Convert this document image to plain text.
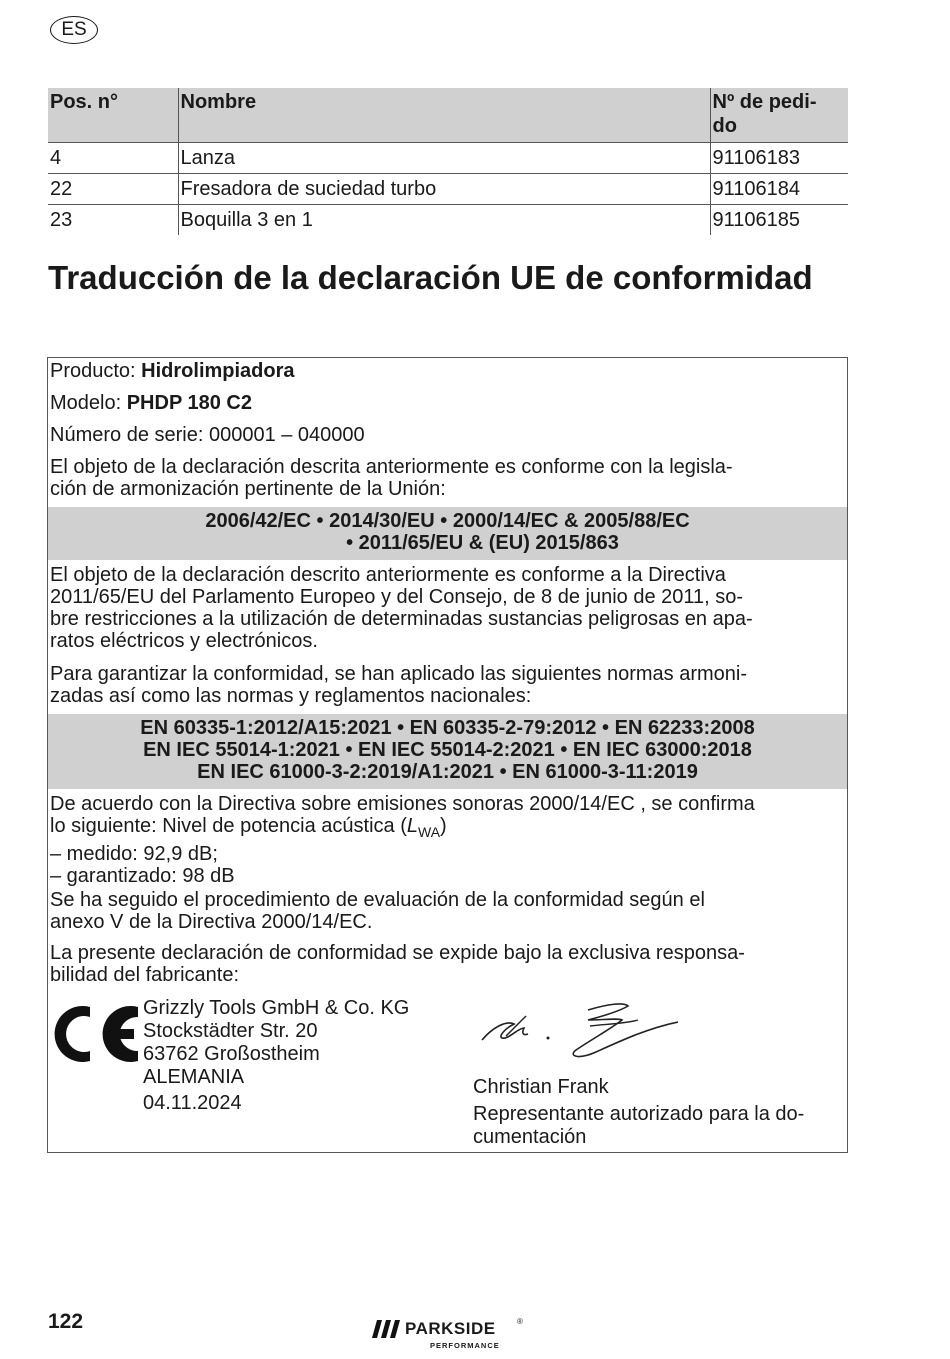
ES
Pos. n°	Nombre	Nº de pedi-
do
4	Lanza	91106183
22	Fresadora de suciedad turbo	91106184
23	Boquilla 3 en 1	91106185
Traducción de la declaración UE de conformidad
Producto: Hidrolimpiadora
Modelo: PHDP 180 C2
Número de serie: 000001 – 040000
El objeto de la declaración descrita anteriormente es conforme con la legisla-
ción de armonización pertinente de la Unión:
2006/42/EC • 2014/30/EU • 2000/14/EC & 2005/88/EC
• 2011/65/EU & (EU) 2015/863
El objeto de la declaración descrito anteriormente es conforme a la Directiva
2011/65/EU del Parlamento Europeo y del Consejo, de 8 de junio de 2011, so-
bre restricciones a la utilización de determinadas sustancias peligrosas en apa-
ratos eléctricos y electrónicos.
Para garantizar la conformidad, se han aplicado las siguientes normas armoni-
zadas así como las normas y reglamentos nacionales:
EN 60335-1:2012/A15:2021 • EN 60335-2-79:2012 • EN 62233:2008
EN IEC 55014-1:2021 • EN IEC 55014-2:2021 • EN IEC 63000:2018
EN IEC 61000-3-2:2019/A1:2021 • EN 61000-3-11:2019
De acuerdo con la Directiva sobre emisiones sonoras 2000/14/EC , se confirma
lo siguiente: Nivel de potencia acústica $(L_{WA})$
– medido: 92,9 dB;
– garantizado: 98 dB
Se ha seguido el procedimiento de evaluación de la conformidad según el
anexo V de la Directiva 2000/14/EC.
La presente declaración de conformidad se expide bajo la exclusiva responsa-
bilidad del fabricante:
Grizzly Tools GmbH & Co. KG
Stockstädter Str. 20
63762 Großostheim
ALEMANIA
04.11.2024
Christian Frank
Representante autorizado para la do-
cumentación
122	PARKSIDE	®
PERFORMANCE
